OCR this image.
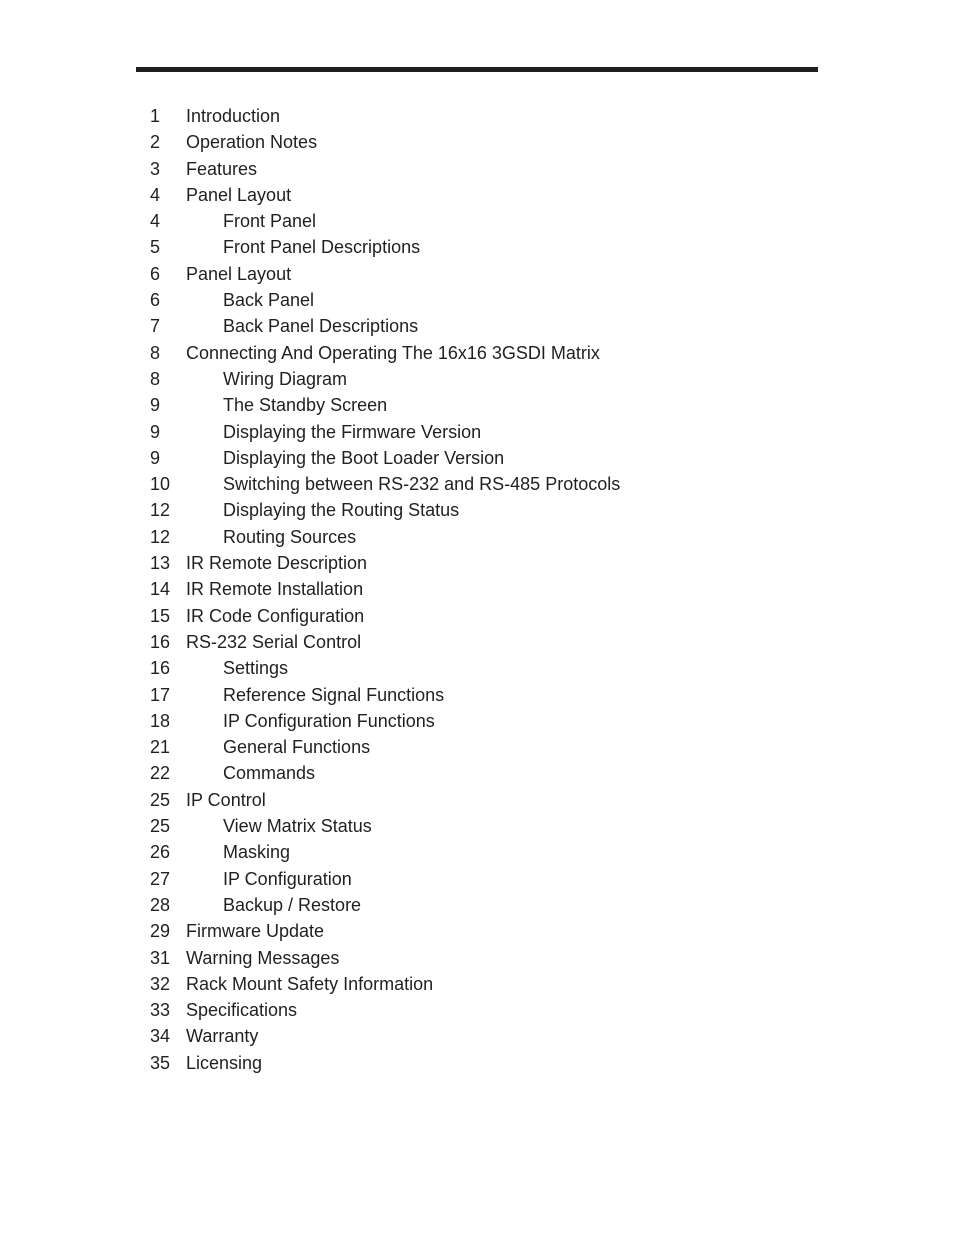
1 Introduction
2 Operation Notes
3 Features
4 Panel Layout
4	Front Panel
5	Front Panel Descriptions
6 Panel Layout
6	Back Panel
7	Back Panel Descriptions
8 Connecting And Operating The 16x16 3GSDI Matrix
8	Wiring Diagram
9	The Standby Screen
9	Displaying the Firmware Version
9	Displaying the Boot Loader Version
10	Switching between RS-232 and RS-485 Protocols
12	Displaying the Routing Status
12	Routing Sources
13 IR Remote Description
14 IR Remote Installation
15 IR Code Configuration
16 RS-232 Serial Control
16	Settings
17	Reference Signal Functions
18	IP Configuration Functions
21	General Functions
22	Commands
25 IP Control
25	View Matrix Status
26	Masking
27	IP Configuration
28	Backup / Restore
29 Firmware Update
31 Warning Messages
32 Rack Mount Safety Information
33 Specifications
34 Warranty
35 Licensing
